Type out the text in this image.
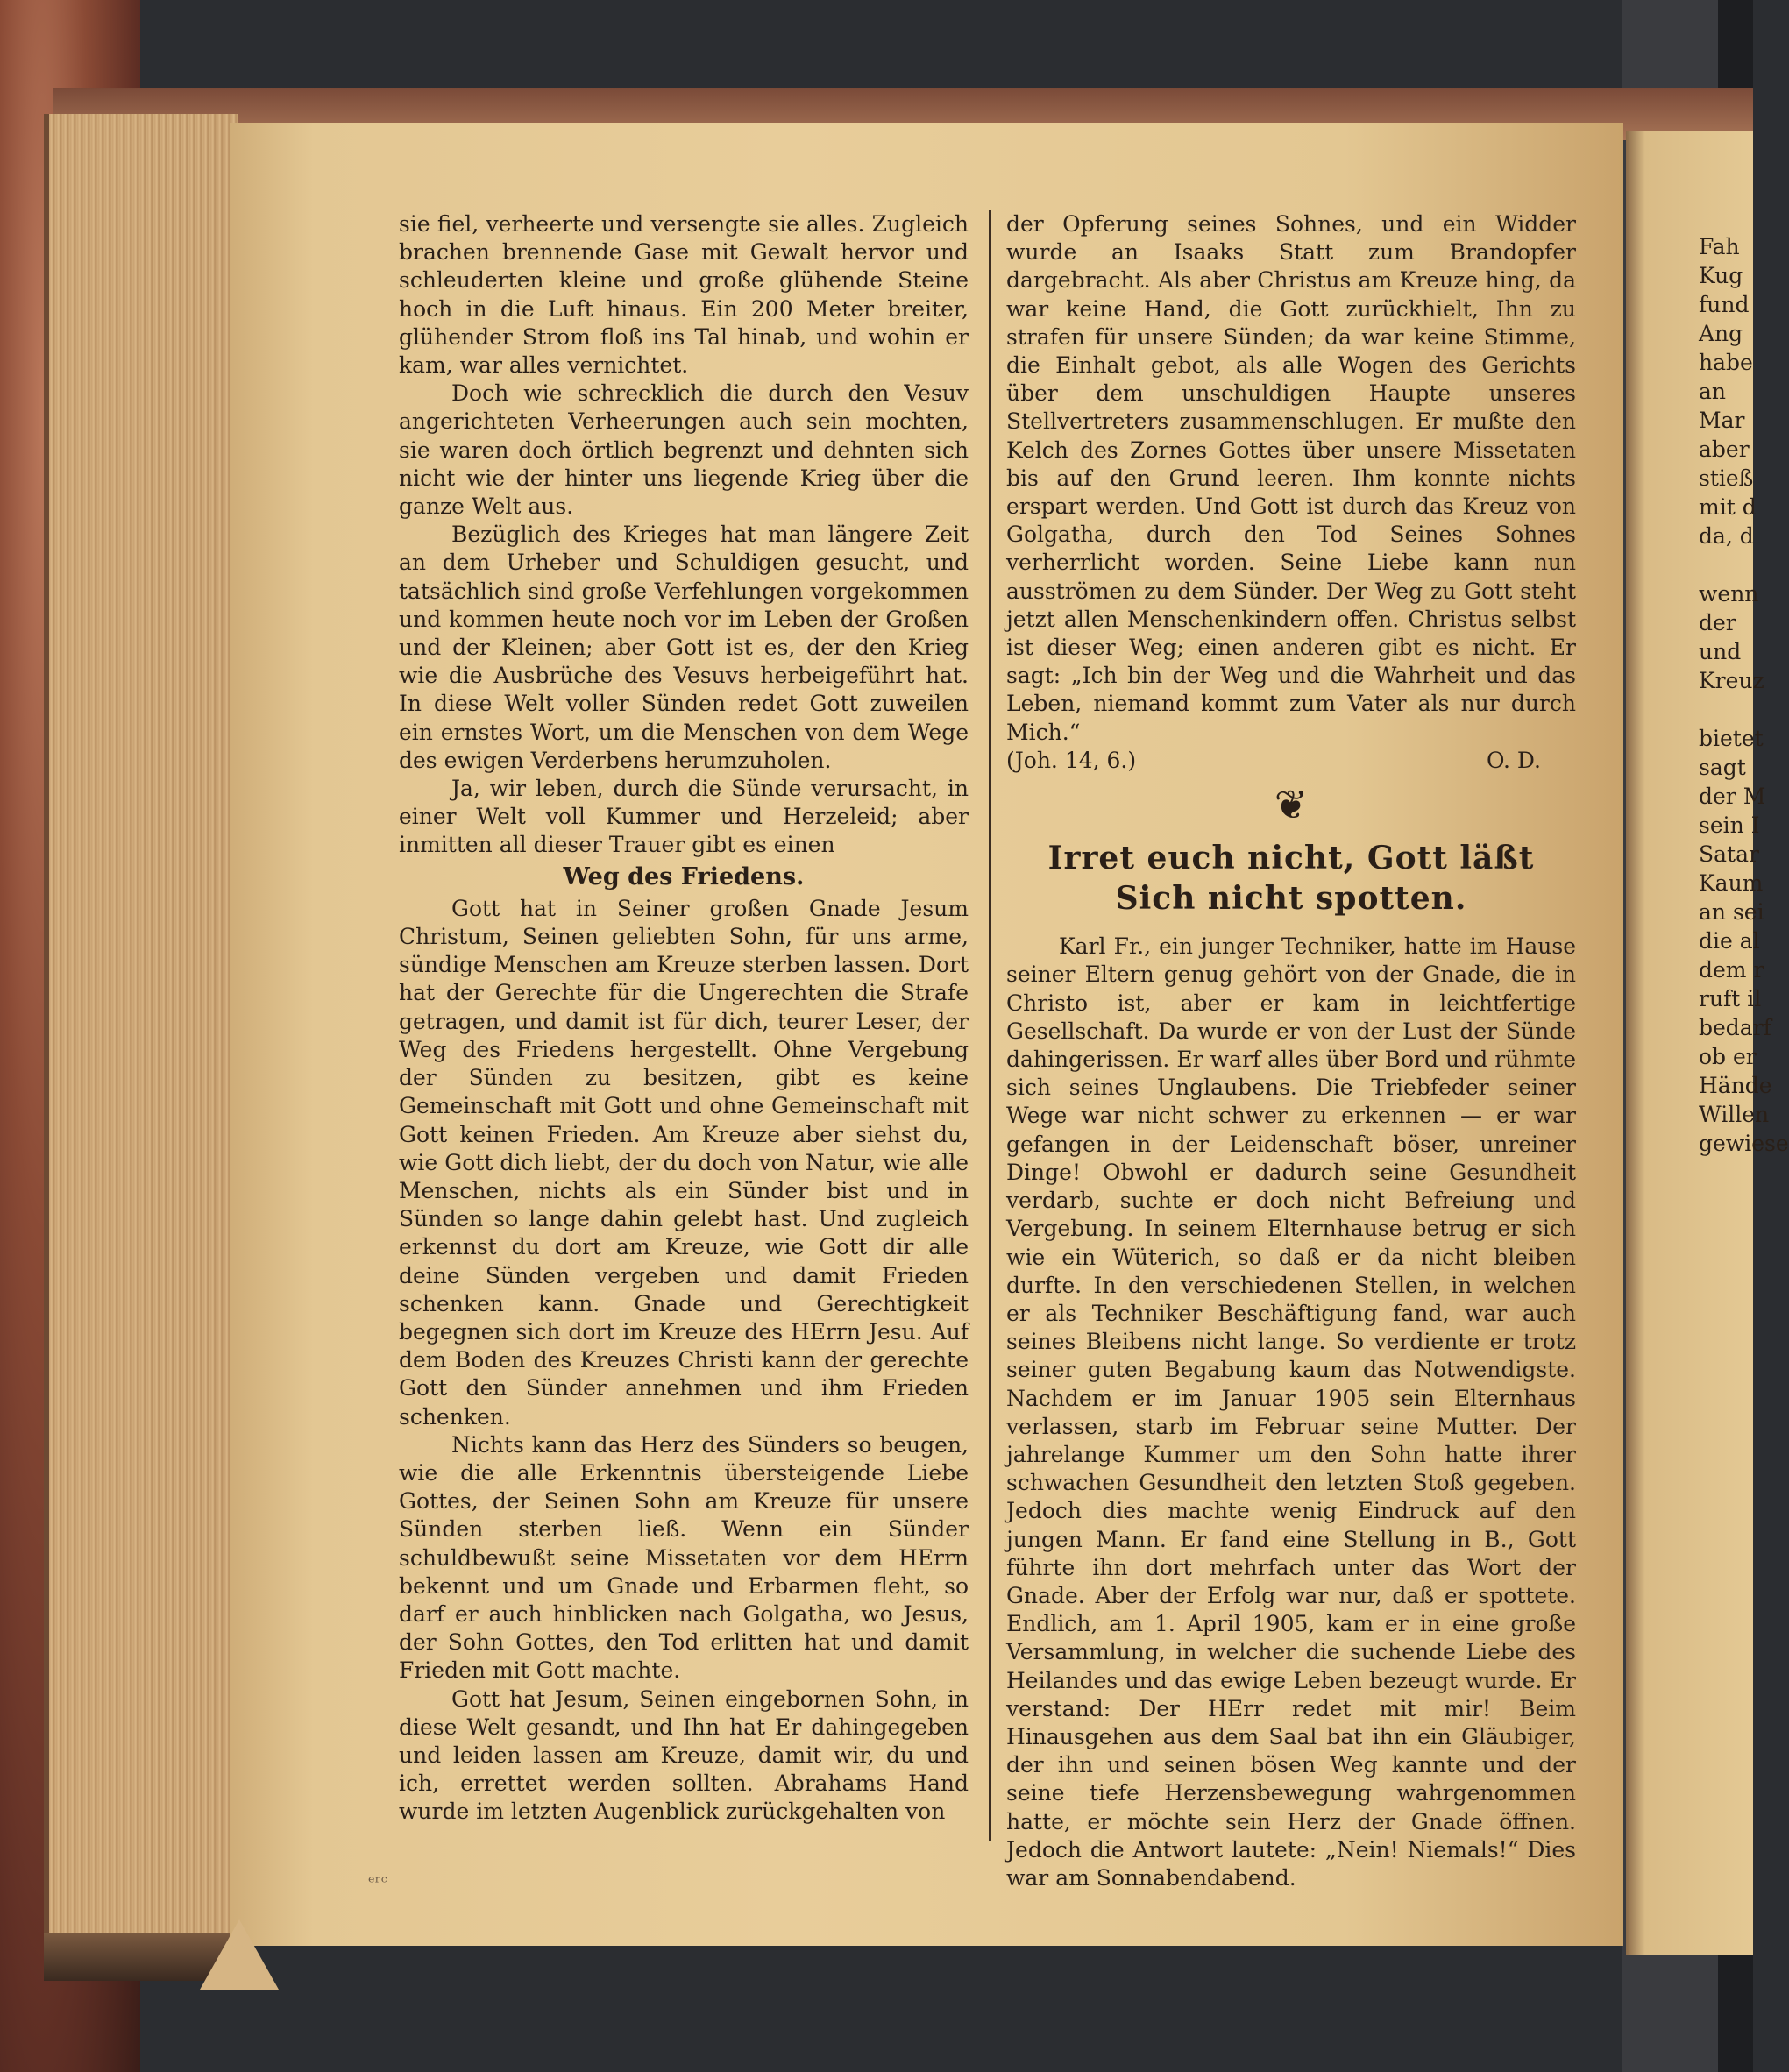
sie fiel, verheerte und versengte sie alles. Zugleich brachen brennende Gase mit Gewalt hervor und schleuderten kleine und große glühende Steine hoch in die Luft hinaus. Ein 200 Meter breiter, glühender Strom floß ins Tal hinab, und wohin er kam, war alles vernichtet.

Doch wie schrecklich die durch den Vesuv angerichteten Verheerungen auch sein mochten, sie waren doch örtlich begrenzt und dehnten sich nicht wie der hinter uns liegende Krieg über die ganze Welt aus.

Bezüglich des Krieges hat man längere Zeit an dem Urheber und Schuldigen gesucht, und tatsächlich sind große Verfehlungen vorgekommen und kommen heute noch vor im Leben der Großen und der Kleinen; aber Gott ist es, der den Krieg wie die Ausbrüche des Vesuvs herbeigeführt hat. In diese Welt voller Sünden redet Gott zuweilen ein ernstes Wort, um die Menschen von dem Wege des ewigen Verderbens herumzuholen.

Ja, wir leben, durch die Sünde verursacht, in einer Welt voll Kummer und Herzeleid; aber inmitten all dieser Trauer gibt es einen

Weg des Friedens.

Gott hat in Seiner großen Gnade Jesum Christum, Seinen geliebten Sohn, für uns arme, sündige Menschen am Kreuze sterben lassen. Dort hat der Gerechte für die Ungerechten die Strafe getragen, und damit ist für dich, teurer Leser, der Weg des Friedens hergestellt. Ohne Vergebung der Sünden zu besitzen, gibt es keine Gemeinschaft mit Gott und ohne Gemeinschaft mit Gott keinen Frieden. Am Kreuze aber siehst du, wie Gott dich liebt, der du doch von Natur, wie alle Menschen, nichts als ein Sünder bist und in Sünden so lange dahin gelebt hast. Und zugleich erkennst du dort am Kreuze, wie Gott dir alle deine Sünden vergeben und damit Frieden schenken kann. Gnade und Gerechtigkeit begegnen sich dort im Kreuze des HErrn Jesu. Auf dem Boden des Kreuzes Christi kann der gerechte Gott den Sünder annehmen und ihm Frieden schenken.

Nichts kann das Herz des Sünders so beugen, wie die alle Erkenntnis übersteigende Liebe Gottes, der Seinen Sohn am Kreuze für unsere Sünden sterben ließ. Wenn ein Sünder schuldbewußt seine Missetaten vor dem HErrn bekennt und um Gnade und Erbarmen fleht, so darf er auch hinblicken nach Golgatha, wo Jesus, der Sohn Gottes, den Tod erlitten hat und damit Frieden mit Gott machte.

Gott hat Jesum, Seinen eingebornen Sohn, in diese Welt gesandt, und Ihn hat Er dahingegeben und leiden lassen am Kreuze, damit wir, du und ich, errettet werden sollten. Abrahams Hand wurde im letzten Augenblick zurückgehalten von

der Opferung seines Sohnes, und ein Widder wurde an Isaaks Statt zum Brandopfer dargebracht. Als aber Christus am Kreuze hing, da war keine Hand, die Gott zurückhielt, Ihn zu strafen für unsere Sünden; da war keine Stimme, die Einhalt gebot, als alle Wogen des Gerichts über dem unschuldigen Haupte unseres Stellvertreters zusammenschlugen. Er mußte den Kelch des Zornes Gottes über unsere Missetaten bis auf den Grund leeren. Ihm konnte nichts erspart werden. Und Gott ist durch das Kreuz von Golgatha, durch den Tod Seines Sohnes verherrlicht worden. Seine Liebe kann nun ausströmen zu dem Sünder. Der Weg zu Gott steht jetzt allen Menschenkindern offen. Christus selbst ist dieser Weg; einen anderen gibt es nicht. Er sagt: „Ich bin der Weg und die Wahrheit und das Leben, niemand kommt zum Vater als nur durch Mich.“

(Joh. 14, 6.)	O. D.
❦
Irret euch nicht, Gott läßt Sich nicht spotten.

Karl Fr., ein junger Techniker, hatte im Hause seiner Eltern genug gehört von der Gnade, die in Christo ist, aber er kam in leichtfertige Gesellschaft. Da wurde er von der Lust der Sünde dahingerissen. Er warf alles über Bord und rühmte sich seines Unglaubens. Die Triebfeder seiner Wege war nicht schwer zu erkennen — er war gefangen in der Leidenschaft böser, unreiner Dinge! Obwohl er dadurch seine Gesundheit verdarb, suchte er doch nicht Befreiung und Vergebung. In seinem Elternhause betrug er sich wie ein Wüterich, so daß er da nicht bleiben durfte. In den verschiedenen Stellen, in welchen er als Techniker Beschäftigung fand, war auch seines Bleibens nicht lange. So verdiente er trotz seiner guten Begabung kaum das Notwendigste. Nachdem er im Januar 1905 sein Elternhaus verlassen, starb im Februar seine Mutter. Der jahrelange Kummer um den Sohn hatte ihrer schwachen Gesundheit den letzten Stoß gegeben. Jedoch dies machte wenig Eindruck auf den jungen Mann. Er fand eine Stellung in B., Gott führte ihn dort mehrfach unter das Wort der Gnade. Aber der Erfolg war nur, daß er spottete. Endlich, am 1. April 1905, kam er in eine große Versammlung, in welcher die suchende Liebe des Heilandes und das ewige Leben bezeugt wurde. Er verstand: Der HErr redet mit mir! Beim Hinausgehen aus dem Saal bat ihn ein Gläubiger, der ihn und seinen bösen Weg kannte und der seine tiefe Herzensbewegung wahrgenommen hatte, er möchte sein Herz der Gnade öffnen. Jedoch die Antwort lautete: „Nein! Niemals!“ Dies war am Sonnabendabend.

Fah
Kug
fund
Ang
habe
an
Mar
aber
stieß
mit d
da, d
wenn
der
und
Kreuz
bietet
sagt
der M
sein I
Satar
Kaum
an sei
die al
dem r
ruft il
bedarf
ob er
Hände
Willen
gewiese
ᵉʳᶜ
